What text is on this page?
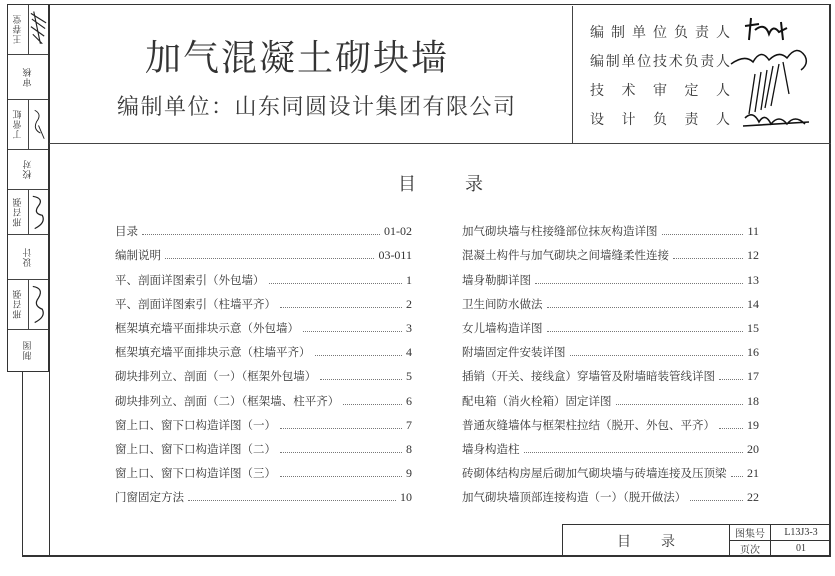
王春堂
审核
丁常虹
校对
邢召强
设计
邢召强
制图
加气混凝土砌块墙
编制单位：山东同圆设计集团有限公司
编 制 单 位 负 责 人
编 制 单 位 技 术 负 责 人
技 术 审 定 人
设 计 负 责 人
目	录
目录	01-02
编制说明	03-011
平、剖面详图索引（外包墙）	1
平、剖面详图索引（柱墙平齐）	2
框架填充墙平面排块示意（外包墙）	3
框架填充墙平面排块示意（柱墙平齐）	4
砌块排列立、剖面（一）（框架外包墙）	5
砌块排列立、剖面（二）（框架墙、柱平齐）	6
窗上口、窗下口构造详图（一）	7
窗上口、窗下口构造详图（二）	8
窗上口、窗下口构造详图（三）	9
门窗固定方法	10
加气砌块墙与柱接缝部位抹灰构造详图	11
混凝土构件与加气砌块之间墙缝柔性连接	12
墙身勒脚详图	13
卫生间防水做法	14
女儿墙构造详图	15
附墙固定件安装详图	16
插销（开关、接线盒）穿墙管及附墙暗装管线详图	17
配电箱（消火栓箱）固定详图	18
普通灰缝墙体与框架柱拉结（脱开、外包、平齐）	19
墙身构造柱	20
砖砌体结构房屋后砌加气砌块墙与砖墙连接及压顶梁 21
加气砌块墙顶部连接构造（一）（脱开做法）	22
目录	图集号	L13J3-3
页次	01
